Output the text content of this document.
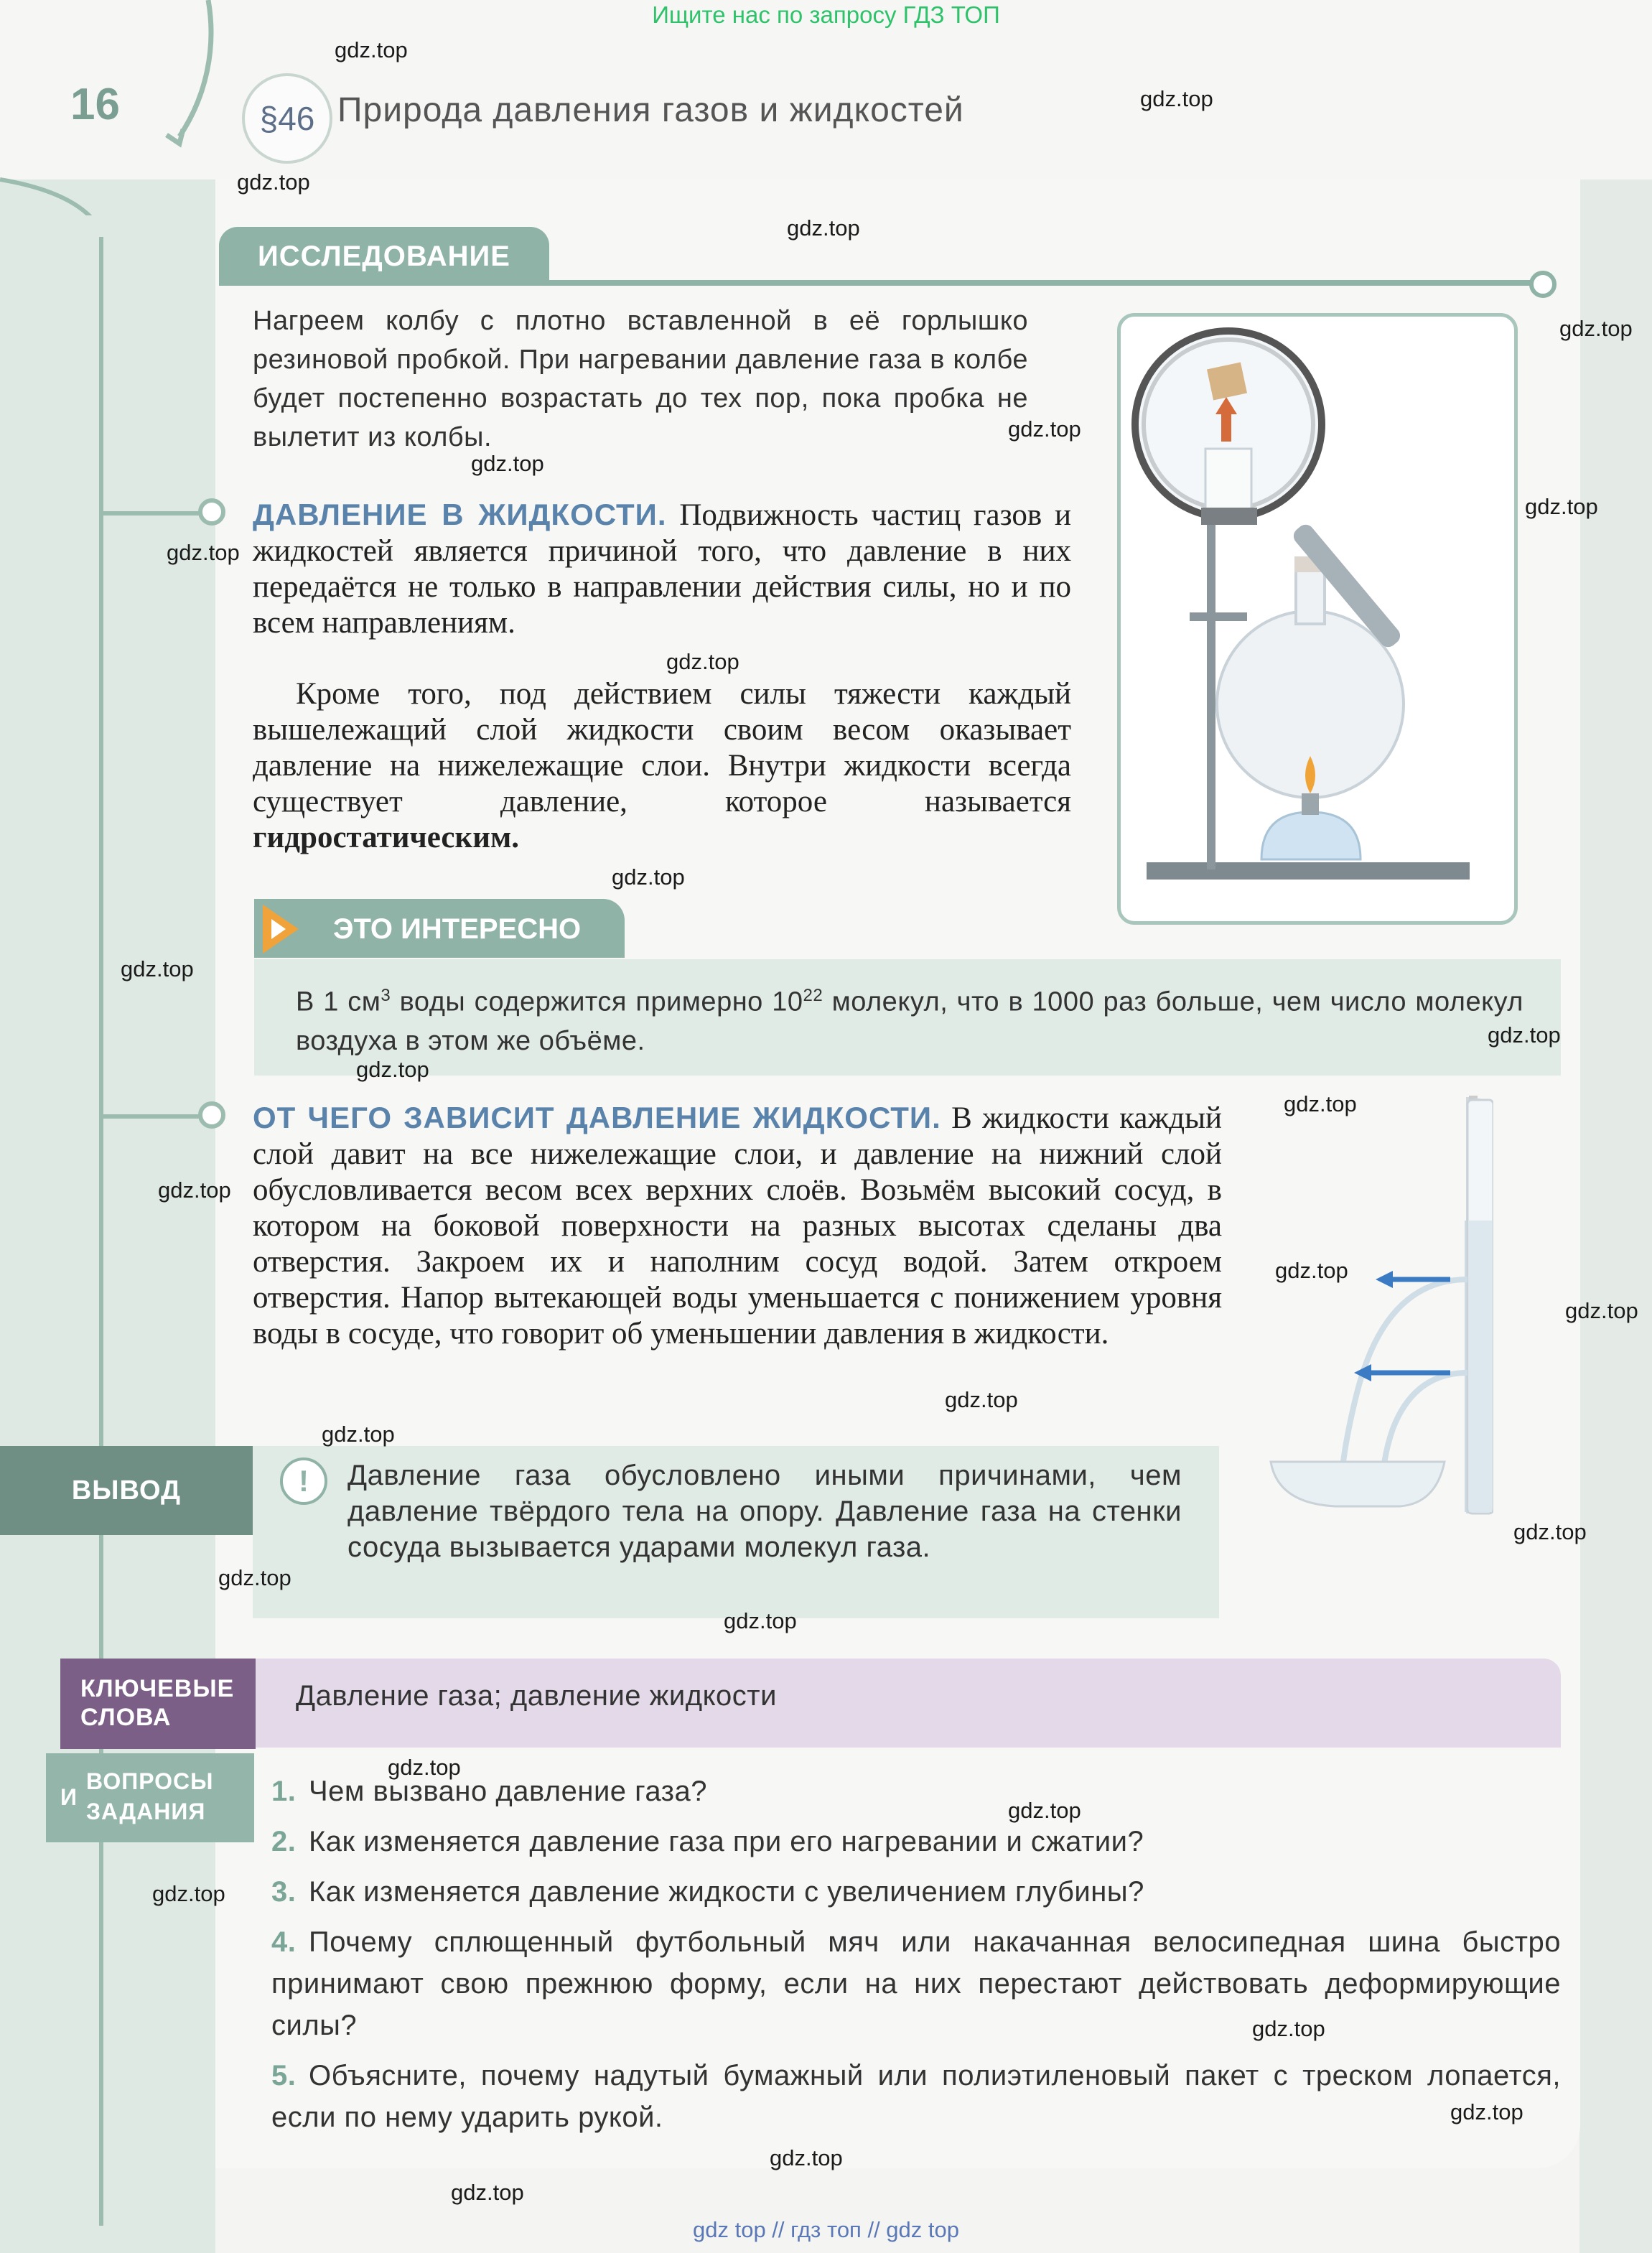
Ищите нас по запросу ГДЗ ТОП
16	§46 Природа давления газов и жидкостей
ИССЛЕДОВАНИЕ
Нагреем колбу с плотно вставленной в её горлышко резиновой пробкой. При нагревании давление газа в колбе будет постепенно возрастать до тех пор, пока пробка не вылетит из колбы.
ДАВЛЕНИЕ В ЖИДКОСТИ. Подвижность частиц газов и жидкостей является причиной того, что давление в них передаётся не только в направлении действия силы, но и по всем направлениям.
Кроме того, под действием силы тяжести каждый вышележащий слой жидкости своим весом оказывает давление на нижележащие слои. Внутри жидкости всегда существует давление, которое называется гидростатическим.
ЭТО ИНТЕРЕСНО
В 1 $см^3$ воды содержится примерно $10^{22}$ молекул, что в 1000 раз больше, чем число молекул воздуха в этом же объёме.
ОТ ЧЕГО ЗАВИСИТ ДАВЛЕНИЕ ЖИДКОСТИ. В жидкости каждый слой давит на все нижележащие слои, и давление на нижний слой обусловливается весом всех верхних слоёв. Возьмём высокий сосуд, в котором на боковой поверхности на разных высотах сделаны два отверстия. Закроем их и наполним сосуд водой. Затем откроем отверстия. Напор вытекающей воды уменьшается с понижением уровня воды в сосуде, что говорит об уменьшении давления в жидкости.
ВЫВОД	!	Давление газа обусловлено иными причинами, чем давление твёрдого тела на опору. Давление газа на стенки сосуда вызывается ударами молекул газа.
КЛЮЧЕВЫЕ
СЛОВА
Давление газа; давление жидкости
И
ВОПРОСЫ
ЗАДАНИЯ
1. Чем вызвано давление газа?
2. Как изменяется давление газа при его нагревании и сжатии?
3. Как изменяется давление жидкости с увеличением глубины?
4. Почему сплющенный футбольный мяч или накачанная велосипедная шина быстро принимают свою прежнюю форму, если на них перестают действовать деформирующие силы?
5. Объясните, почему надутый бумажный или полиэтиленовый пакет с треском лопается, если по нему ударить рукой.
gdz.top
gdz.top
gdz.top
gdz.top
gdz.top
gdz.top
gdz.top
gdz.top
gdz.top
gdz.top
gdz.top
gdz.top
gdz.top
gdz.top
gdz.top
gdz.top
gdz.top
gdz.top
gdz.top
gdz.top
gdz.top
gdz.top
gdz.top
gdz.top
gdz.top
gdz.top
gdz.top
gdz.top
gdz.top
gdz.top
gdz top // гдз топ // gdz top
